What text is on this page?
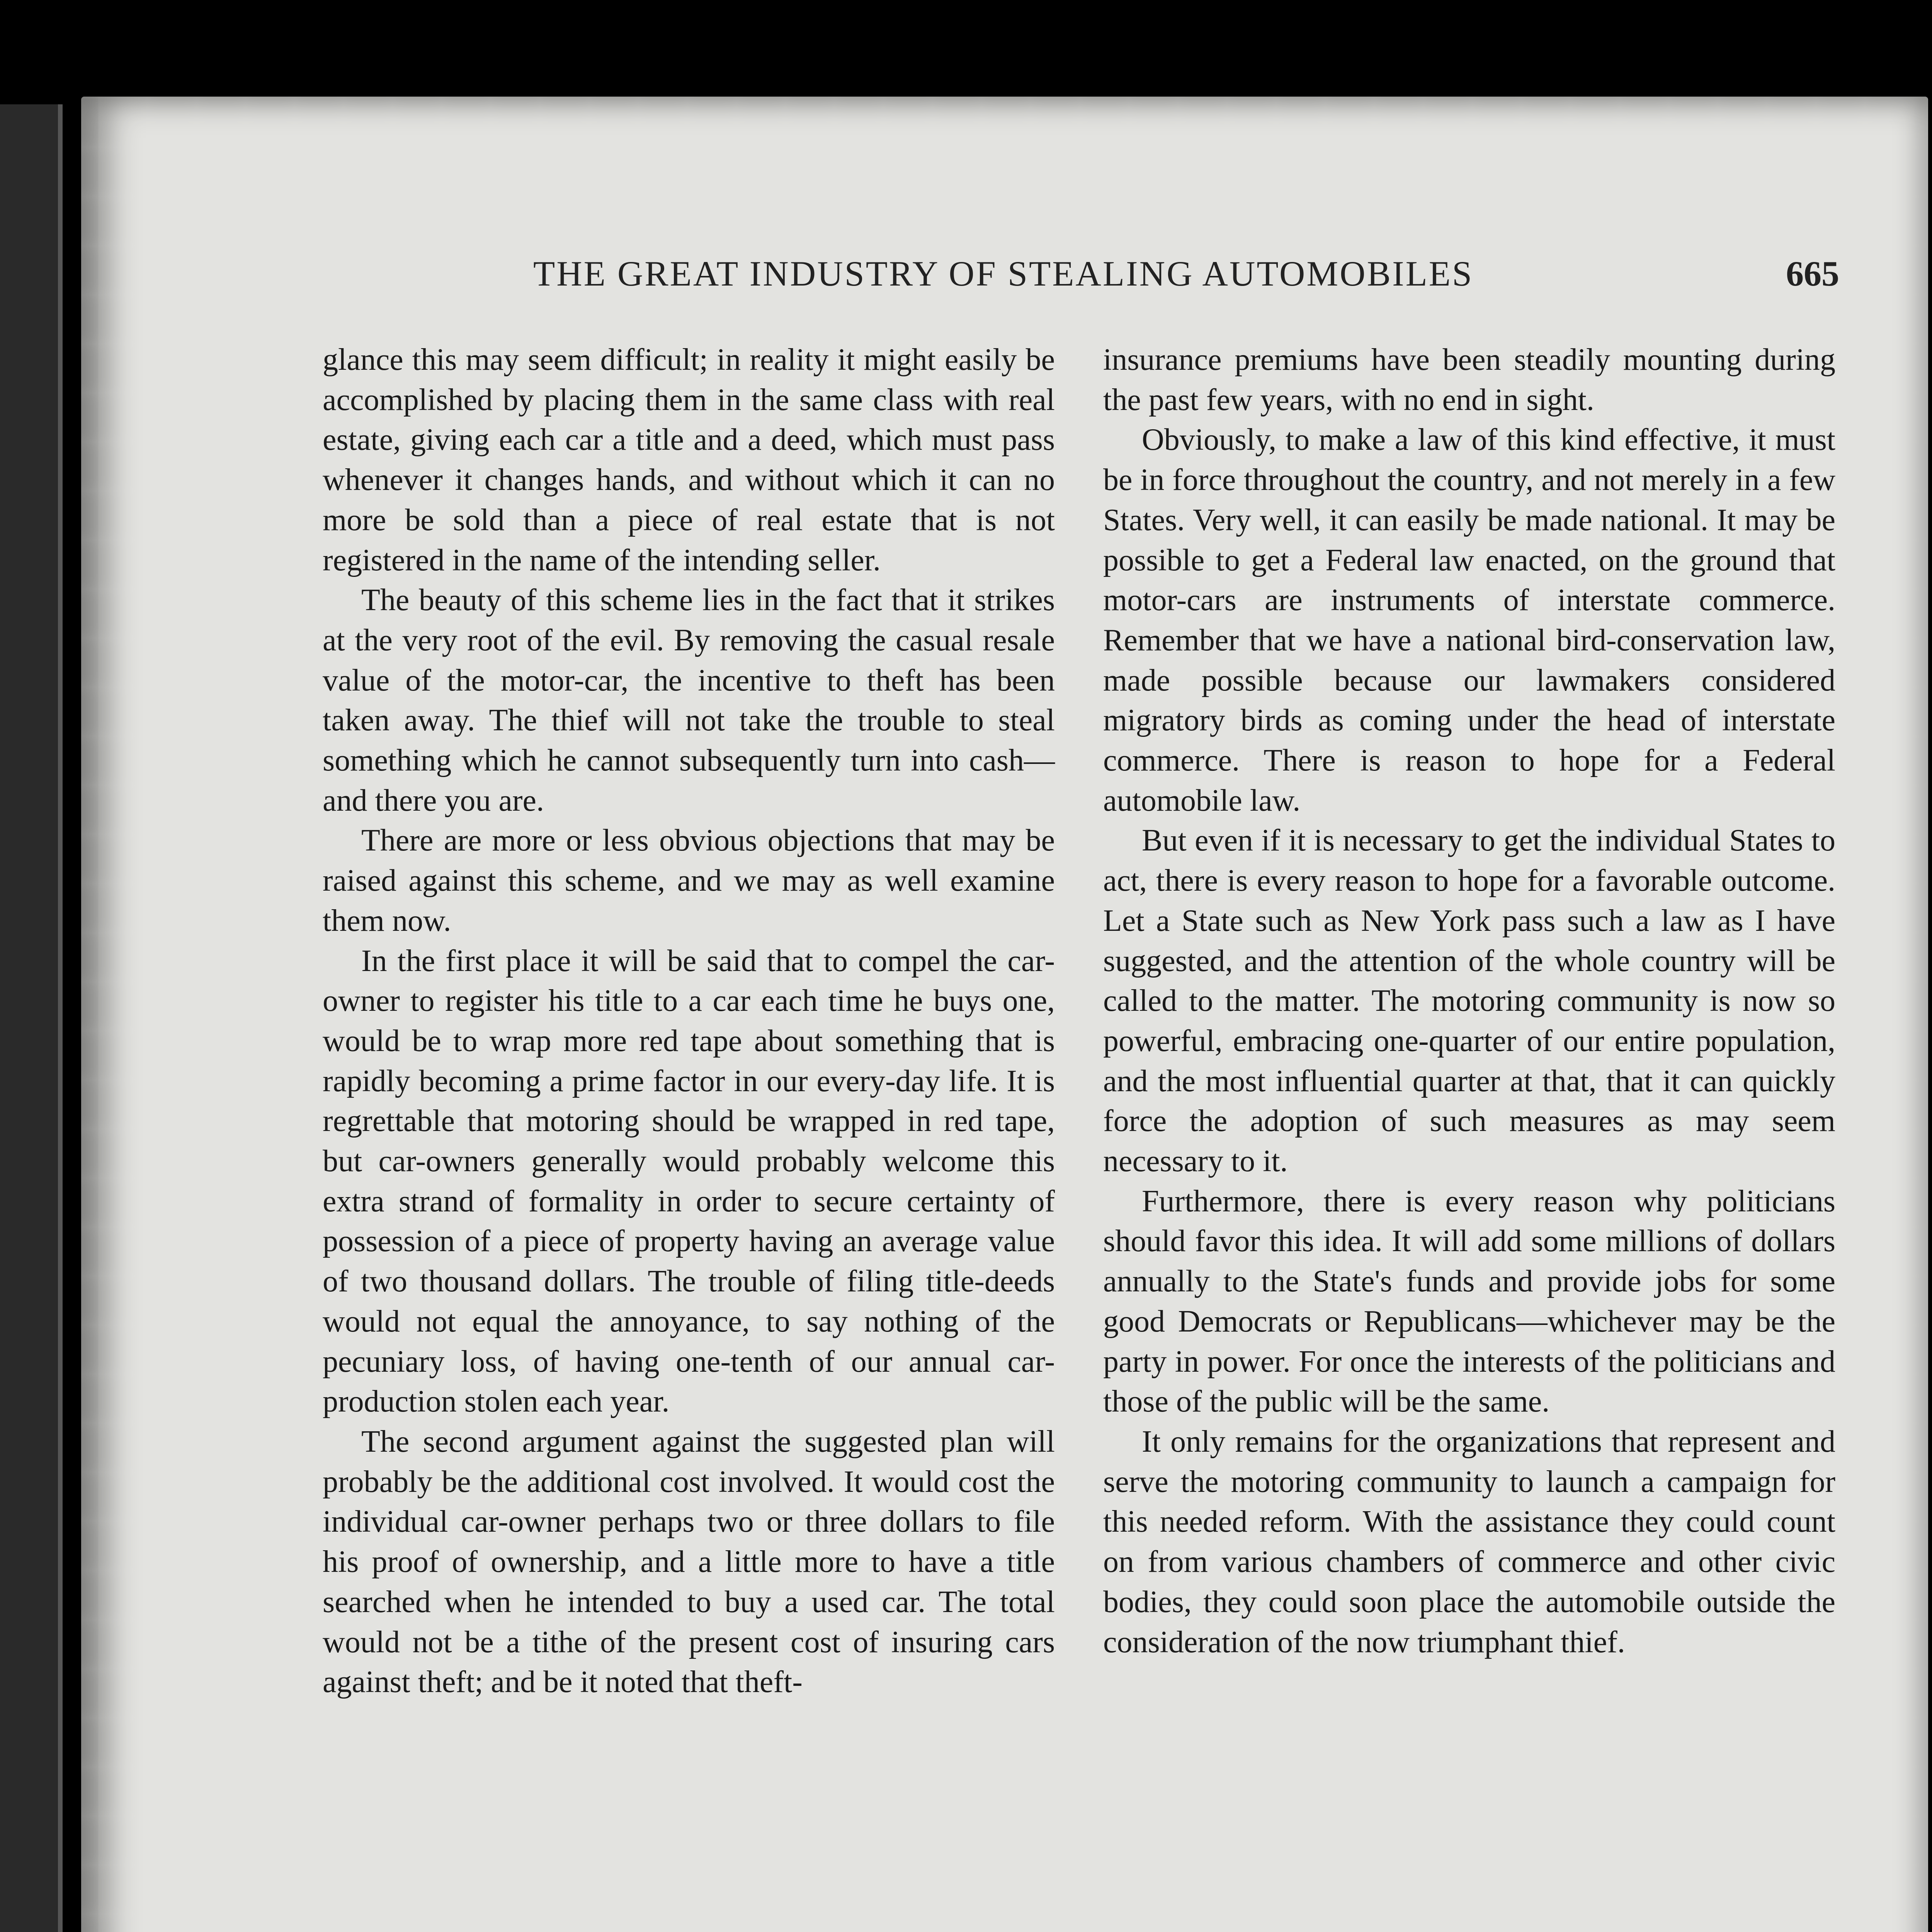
THE GREAT INDUSTRY OF STEALING AUTOMOBILES	665

glance this may seem difficult; in reality it might easily be accomplished by placing them in the same class with real estate, giving each car a title and a deed, which must pass whenever it changes hands, and without which it can no more be sold than a piece of real estate that is not registered in the name of the intending seller.

The beauty of this scheme lies in the fact that it strikes at the very root of the evil. By removing the casual resale value of the motor-car, the incentive to theft has been taken away. The thief will not take the trouble to steal something which he cannot subsequently turn into cash—and there you are.

There are more or less obvious objections that may be raised against this scheme, and we may as well examine them now.

In the first place it will be said that to compel the car-owner to register his title to a car each time he buys one, would be to wrap more red tape about something that is rapidly becoming a prime factor in our every-day life. It is regrettable that motoring should be wrapped in red tape, but car-owners generally would probably welcome this extra strand of formality in order to secure certainty of possession of a piece of property having an average value of two thousand dollars. The trouble of filing title-deeds would not equal the annoyance, to say nothing of the pecuniary loss, of having one-tenth of our annual car-production stolen each year.

The second argument against the suggested plan will probably be the additional cost involved. It would cost the individual car-owner perhaps two or three dollars to file his proof of ownership, and a little more to have a title searched when he intended to buy a used car. The total would not be a tithe of the present cost of insuring cars against theft; and be it noted that theft-

insurance premiums have been steadily mounting during the past few years, with no end in sight.

Obviously, to make a law of this kind effective, it must be in force throughout the country, and not merely in a few States. Very well, it can easily be made national. It may be possible to get a Federal law enacted, on the ground that motor-cars are instruments of interstate commerce. Remember that we have a national bird-conservation law, made possible because our lawmakers considered migratory birds as coming under the head of interstate commerce. There is reason to hope for a Federal automobile law.

But even if it is necessary to get the individual States to act, there is every reason to hope for a favorable outcome. Let a State such as New York pass such a law as I have suggested, and the attention of the whole country will be called to the matter. The motoring community is now so powerful, embracing one-quarter of our entire population, and the most influential quarter at that, that it can quickly force the adoption of such measures as may seem necessary to it.

Furthermore, there is every reason why politicians should favor this idea. It will add some millions of dollars annually to the State's funds and provide jobs for some good Democrats or Republicans—whichever may be the party in power. For once the interests of the politicians and those of the public will be the same.

It only remains for the organizations that represent and serve the motoring community to launch a campaign for this needed reform. With the assistance they could count on from various chambers of commerce and other civic bodies, they could soon place the automobile outside the consideration of the now triumphant thief.
